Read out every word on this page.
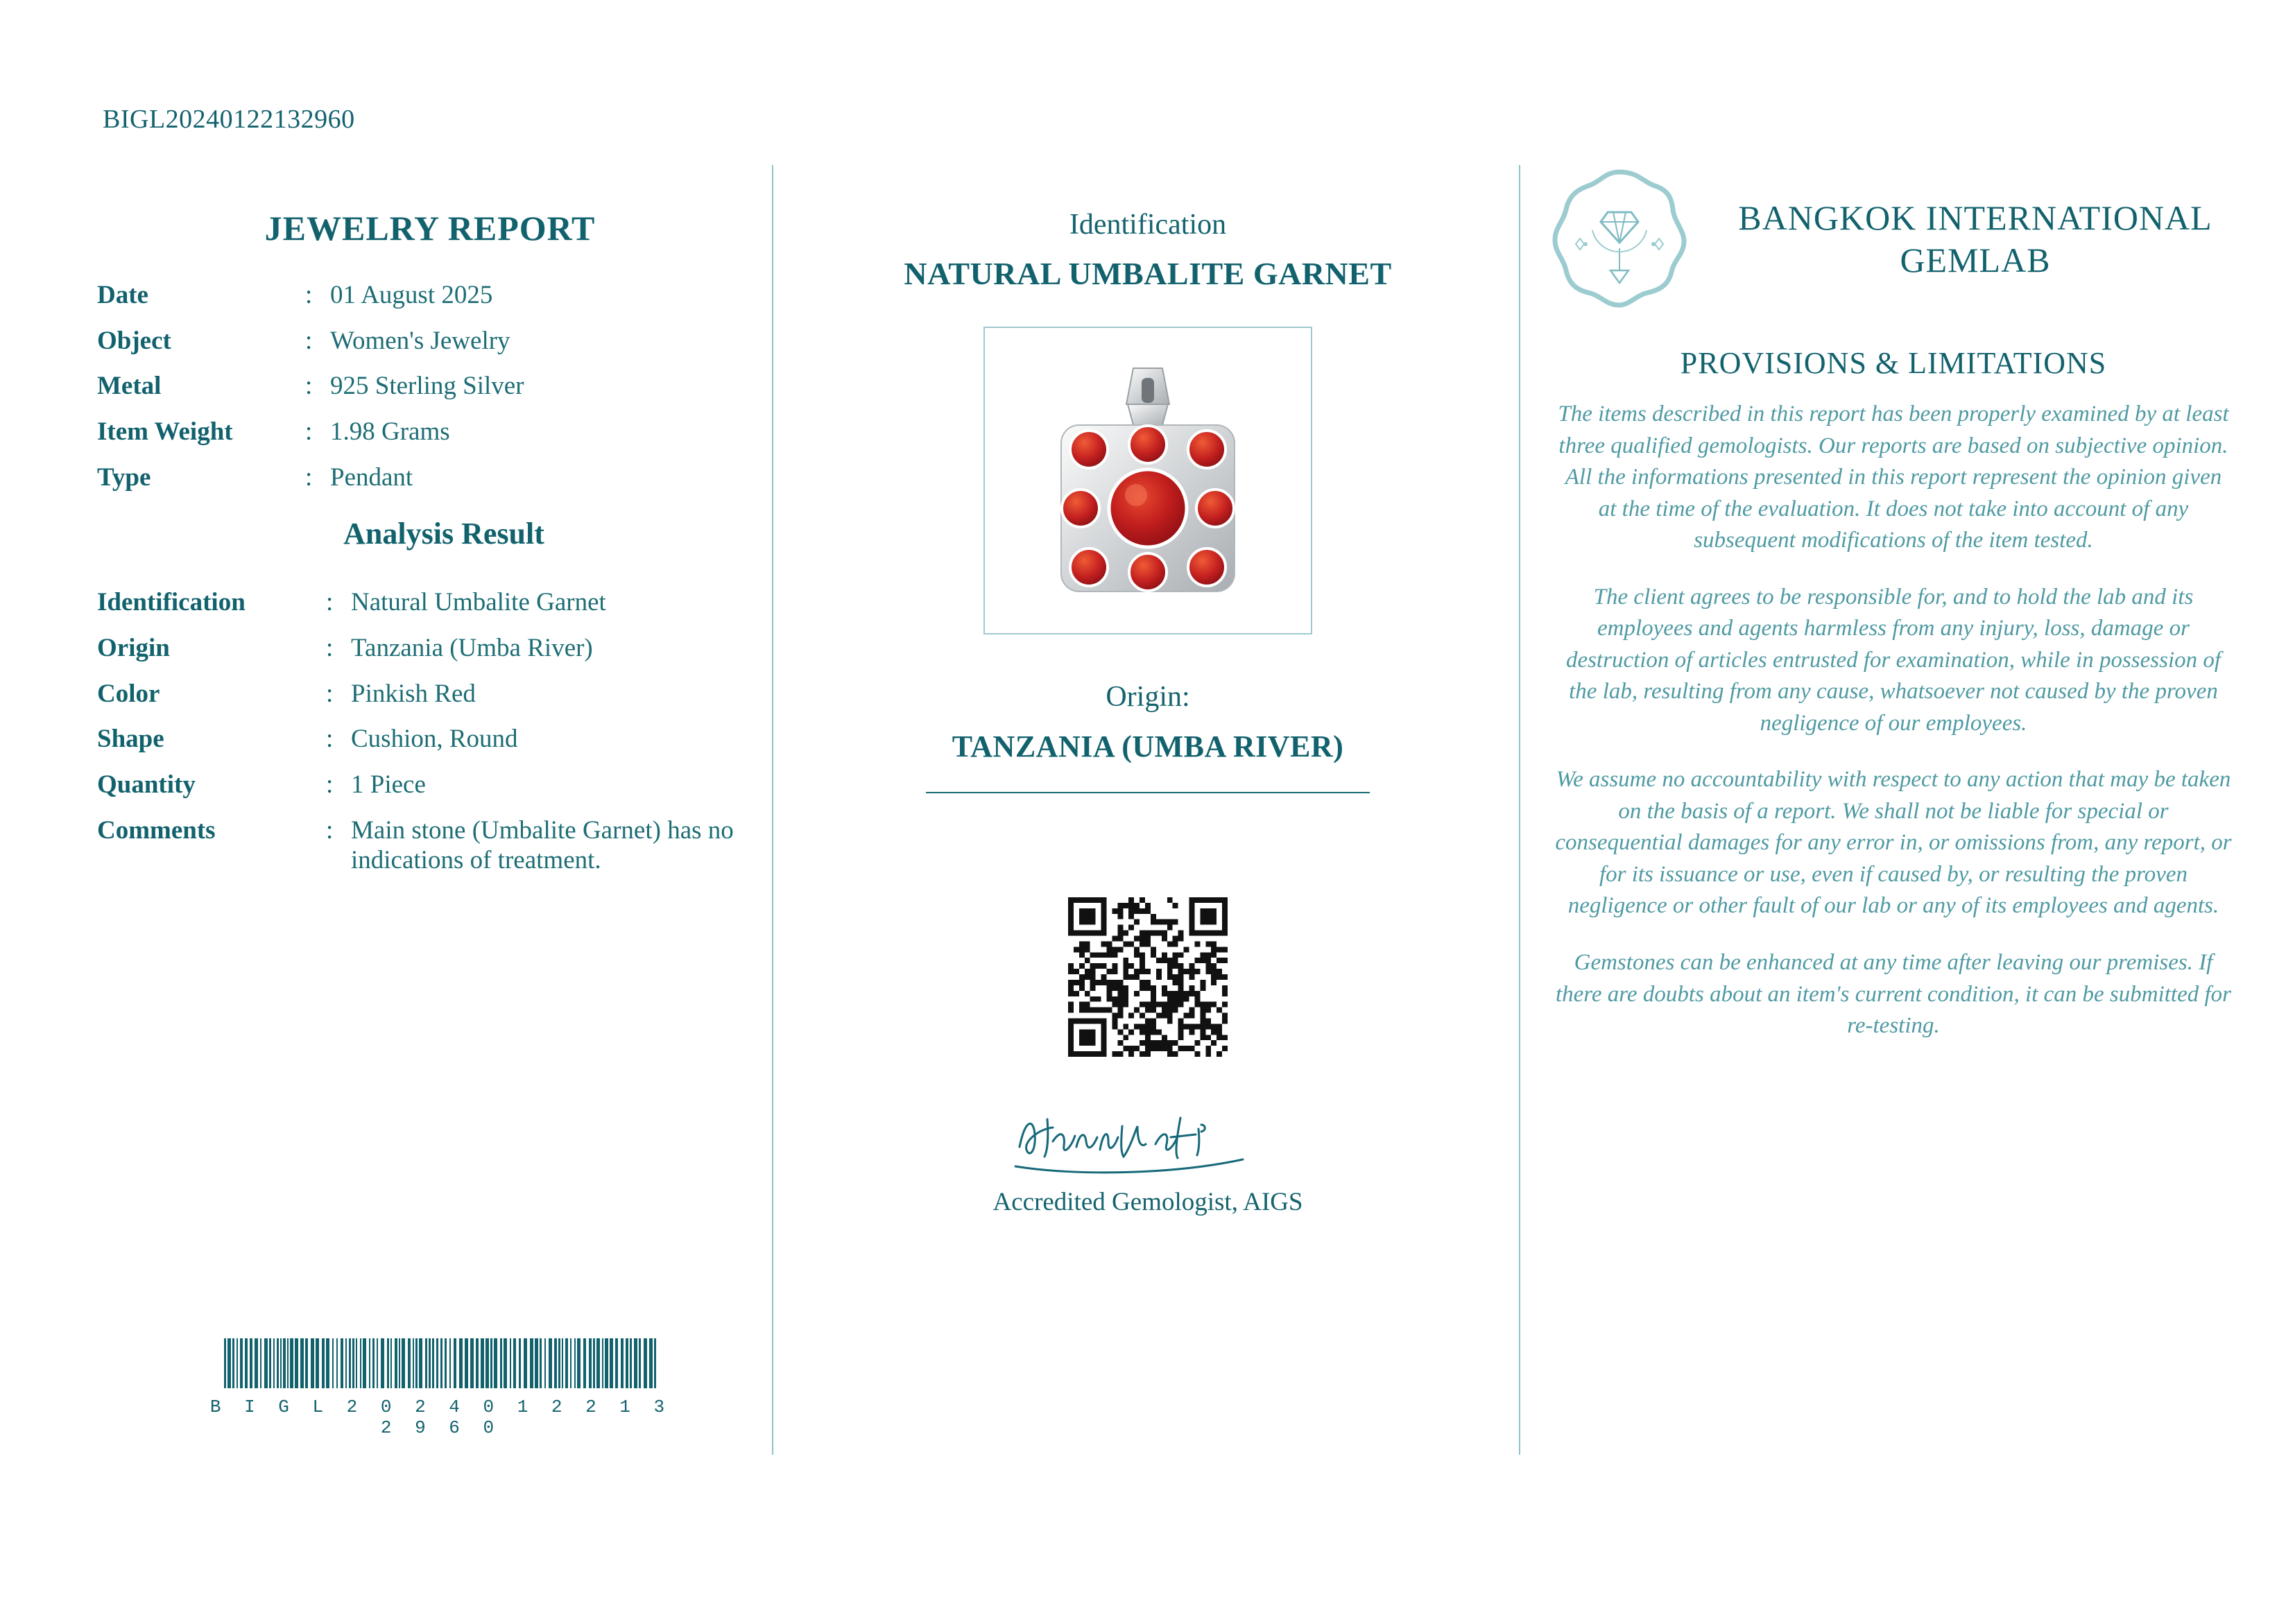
BIGL20240122132960
JEWELRY REPORT
Date	: 01 August 2025
Object	: Women's Jewelry
Metal	: 925 Sterling Silver
Item Weight	: 1.98 Grams
Type	: Pendant
Analysis Result
Identification	: Natural Umbalite Garnet
Origin	: Tanzania (Umba River)
Color	: Pinkish Red
Shape	: Cushion, Round
Quantity	: 1 Piece
Comments	: Main stone (Umbalite Garnet) has no indications of treatment.
B I G L 2 0 2 4 0 1 2 2 1 3 2 9 6 0
Identification
NATURAL UMBALITE GARNET
Origin:
TANZANIA (UMBA RIVER)
Accredited Gemologist, AIGS
BANGKOK INTERNATIONAL GEMLAB
PROVISIONS & LIMITATIONS

The items described in this report has been properly examined by at least three qualified gemologists. Our reports are based on subjective opinion. All the informations presented in this report represent the opinion given at the time of the evaluation. It does not take into account of any subsequent modifications of the item tested.

The client agrees to be responsible for, and to hold the lab and its employees and agents harmless from any injury, loss, damage or destruction of articles entrusted for examination, while in possession of the lab, resulting from any cause, whatsoever not caused by the proven negligence of our employees.

We assume no accountability with respect to any action that may be taken on the basis of a report. We shall not be liable for special or consequential damages for any error in, or omissions from, any report, or for its issuance or use, even if caused by, or resulting the proven negligence or other fault of our lab or any of its employees and agents.

Gemstones can be enhanced at any time after leaving our premises. If there are doubts about an item's current condition, it can be submitted for re-testing.
